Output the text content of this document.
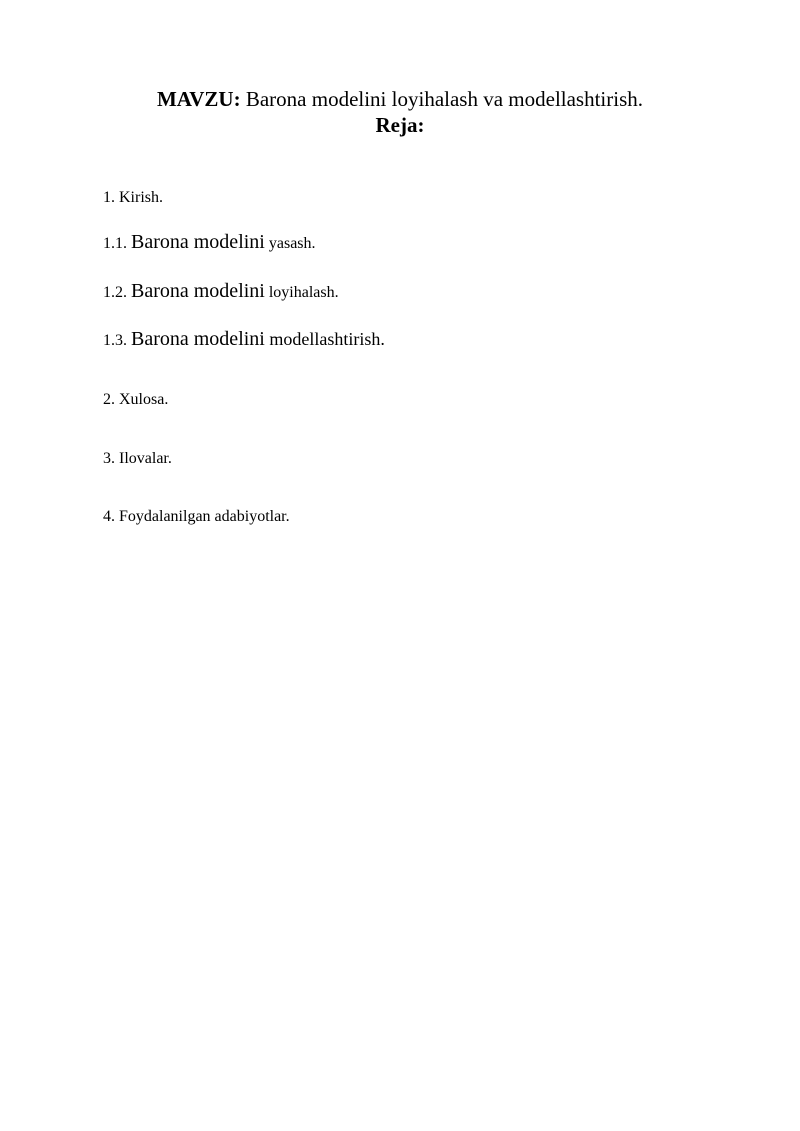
MAVZU: Barona modelini loyihalash va modellashtirish.
Reja:
1. Kirish.
1.1. Barona modelini yasash.
1.2. Barona modelini loyihalash.
1.3. Barona modelini modellashtirish.
2. Xulosa.
3. Ilovalar.
4. Foydalanilgan adabiyotlar.
